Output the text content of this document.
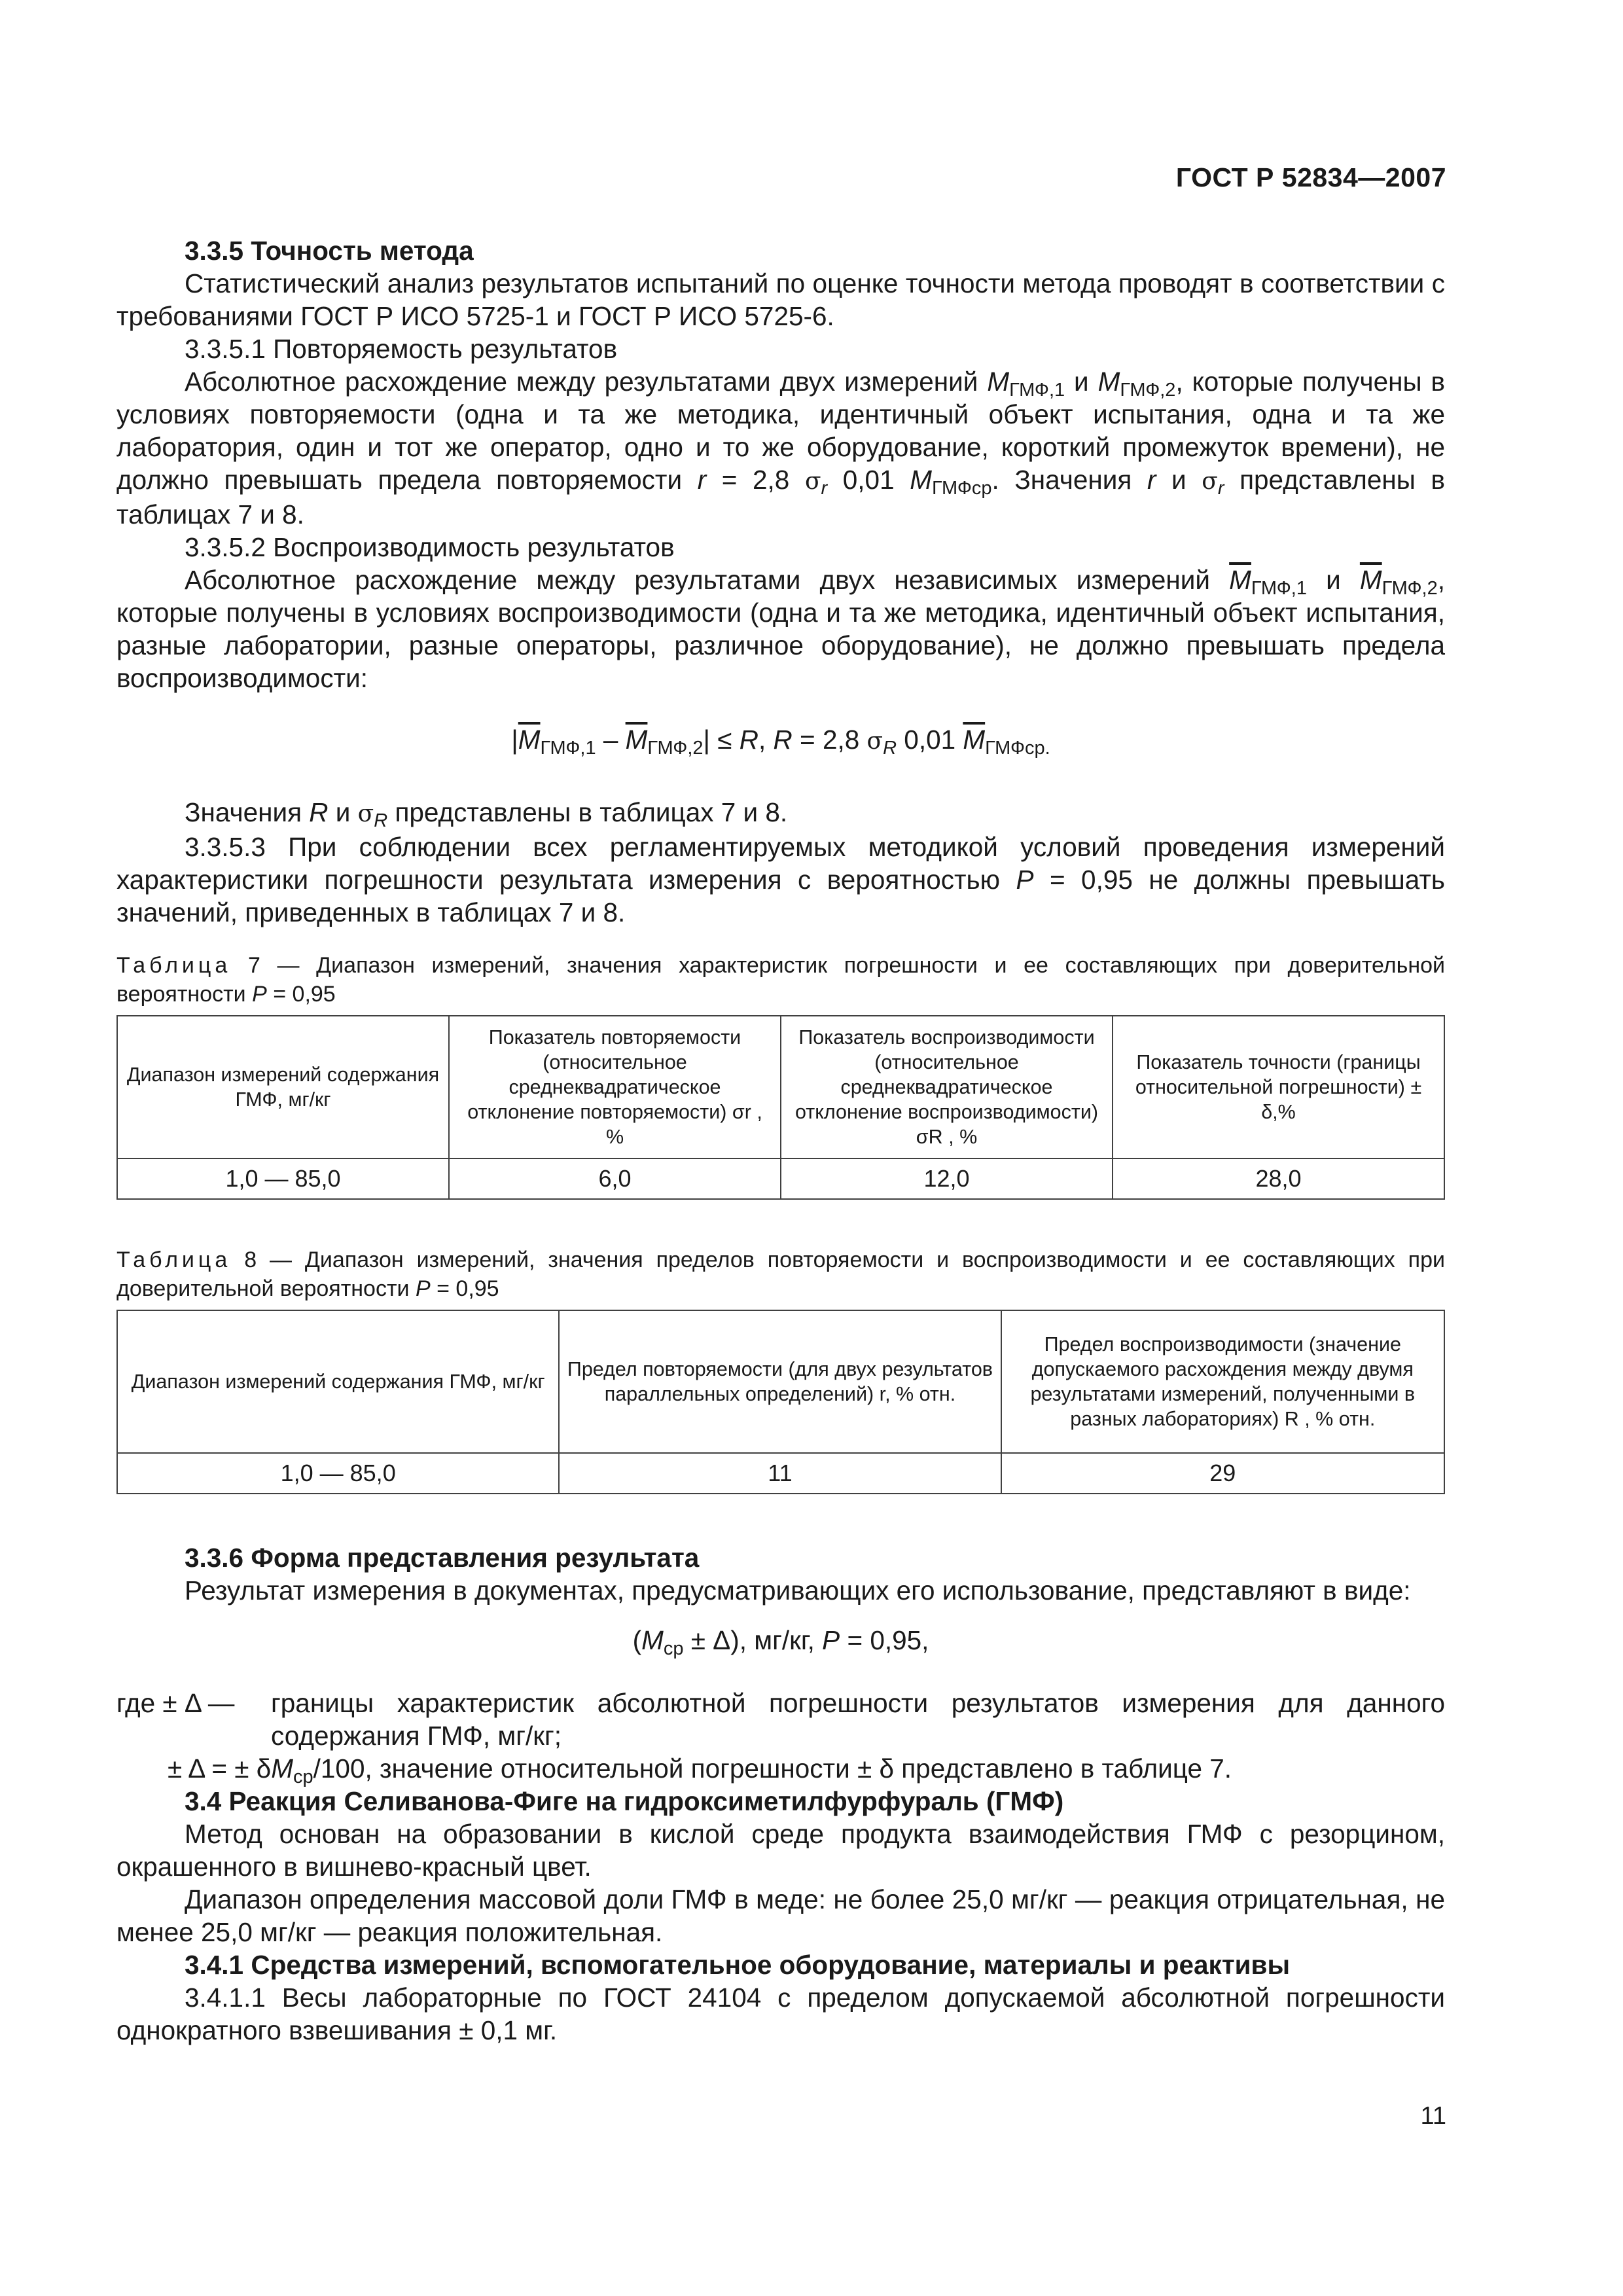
ГОСТ Р 52834—2007
3.3.5 Точность метода

Статистический анализ результатов испытаний по оценке точности метода проводят в соответствии с требованиями ГОСТ Р ИСО 5725-1 и ГОСТ Р ИСО 5725-6.

3.3.5.1 Повторяемость результатов

Абсолютное расхождение между результатами двух измерений $M_{ГМФ,1}$ и $M_{ГМФ,2}$, которые получены в условиях повторяемости (одна и та же методика, идентичный объект испытания, одна и та же лаборатория, один и тот же оператор, одно и то же оборудование, короткий промежуток времени), не должно превышать предела повторяемости r = 2,8 $\sigma_r$ 0,01 $M_{ГМФср}$. Значения r и $\sigma_r$ представлены в таблицах 7 и 8.

3.3.5.2 Воспроизводимость результатов

Абсолютное расхождение между результатами двух независимых измерений $\overline{M}_{ГМФ,1}$ и $\overline{M}_{ГМФ,2}$, которые получены в условиях воспроизводимости (одна и та же методика, идентичный объект испытания, разные лаборатории, разные операторы, различное оборудование), не должно превышать предела воспроизводимости:

$|\overline{M}_{ГМФ,1} - \overline{M}_{ГМФ,2}| \le R$, R = 2,8 $\sigma_R$ 0,01 $\overline{M}_{ГМФср.}$

Значения R и $\sigma_R$ представлены в таблицах 7 и 8.

3.3.5.3 При соблюдении всех регламентируемых методикой условий проведения измерений характеристики погрешности результата измерения с вероятностью P = 0,95 не должны превышать значений, приведенных в таблицах 7 и 8.

Таблица 7 — Диапазон измерений, значения характеристик погрешности и ее составляющих при доверительной вероятности P = 0,95
Диапазон измерений содержания ГМФ, мг/кг	Показатель повторяемости (относительное среднеквадратическое отклонение повторяемости) σr , %	Показатель воспроизводимости (относительное среднеквадратическое отклонение воспроизводимости) σR , %	Показатель точности (границы относительной погрешности) ± δ,%
1,0 — 85,0	6,0	12,0	28,0
Таблица 8 — Диапазон измерений, значения пределов повторяемости и воспроизводимости и ее составляющих при доверительной вероятности P = 0,95
Диапазон измерений содержания ГМФ, мг/кг	Предел повторяемости (для двух результатов параллельных определений) r, % отн.	Предел воспроизводимости (значение допускаемого расхождения между двумя результатами измерений, полученными в разных лабораториях) R , % отн.
1,0 — 85,0	11	29
3.3.6 Форма представления результата

Результат измерения в документах, предусматривающих его использование, представляют в виде:

$(M_{ср} \pm \Delta)$, мг/кг, P = 0,95,
где ± Δ —	границы характеристик абсолютной погрешности результатов измерения для данного содержания ГМФ, мг/кг;

± Δ = ± $\delta M_{ср}/100$, значение относительной погрешности ± δ представлено в таблице 7.

3.4 Реакция Селиванова-Фиге на гидроксиметилфурфураль (ГМФ)

Метод основан на образовании в кислой среде продукта взаимодействия ГМФ с резорцином, окрашенного в вишнево-красный цвет.

Диапазон определения массовой доли ГМФ в меде: не более 25,0 мг/кг — реакция отрицательная, не менее 25,0 мг/кг — реакция положительная.

3.4.1 Средства измерений, вспомогательное оборудование, материалы и реактивы

3.4.1.1 Весы лабораторные по ГОСТ 24104 с пределом допускаемой абсолютной погрешности однократного взвешивания ± 0,1 мг.

11
